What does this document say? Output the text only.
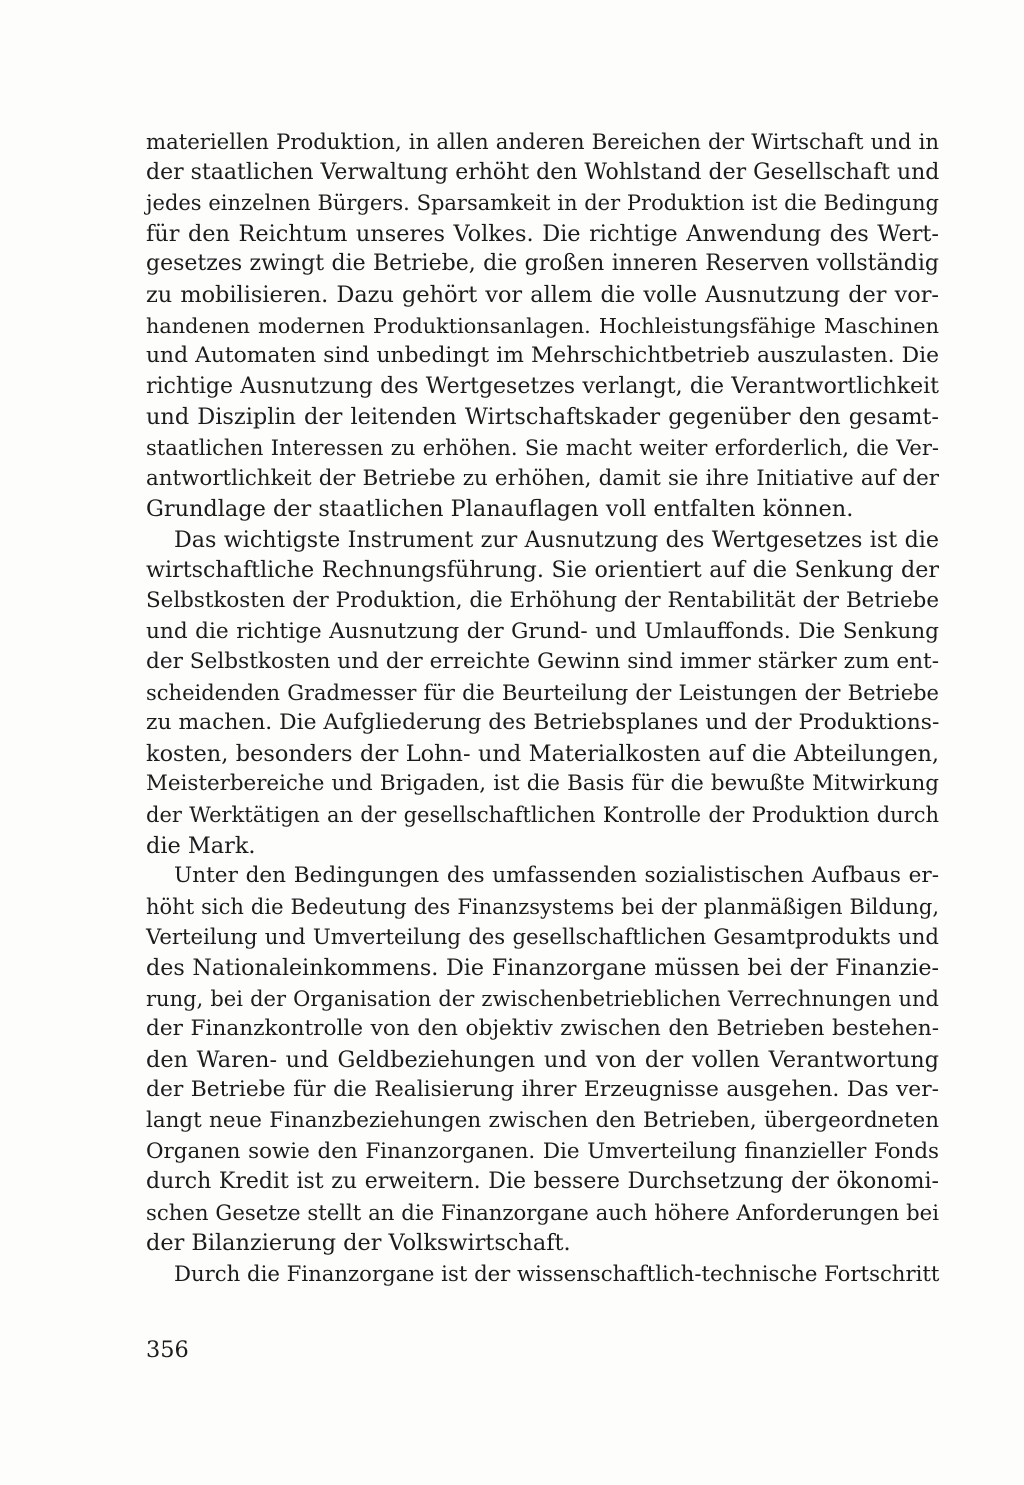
materiellen Produktion, in allen anderen Bereichen der Wirtschaft und in
der staatlichen Verwaltung erhöht den Wohlstand der Gesellschaft und
jedes einzelnen Bürgers. Sparsamkeit in der Produktion ist die Bedingung
für den Reichtum unseres Volkes. Die richtige Anwendung des Wert-
gesetzes zwingt die Betriebe, die großen inneren Reserven vollständig
zu mobilisieren. Dazu gehört vor allem die volle Ausnutzung der vor-
handenen modernen Produktionsanlagen. Hochleistungsfähige Maschinen
und Automaten sind unbedingt im Mehrschichtbetrieb auszulasten. Die
richtige Ausnutzung des Wertgesetzes verlangt, die Verantwortlichkeit
und Disziplin der leitenden Wirtschaftskader gegenüber den gesamt-
staatlichen Interessen zu erhöhen. Sie macht weiter erforderlich, die Ver-
antwortlichkeit der Betriebe zu erhöhen, damit sie ihre Initiative auf der
Grundlage der staatlichen Planauflagen voll entfalten können.
Das wichtigste Instrument zur Ausnutzung des Wertgesetzes ist die
wirtschaftliche Rechnungsführung. Sie orientiert auf die Senkung der
Selbstkosten der Produktion, die Erhöhung der Rentabilität der Betriebe
und die richtige Ausnutzung der Grund- und Umlauffonds. Die Senkung
der Selbstkosten und der erreichte Gewinn sind immer stärker zum ent-
scheidenden Gradmesser für die Beurteilung der Leistungen der Betriebe
zu machen. Die Aufgliederung des Betriebsplanes und der Produktions-
kosten, besonders der Lohn- und Materialkosten auf die Abteilungen,
Meisterbereiche und Brigaden, ist die Basis für die bewußte Mitwirkung
der Werktätigen an der gesellschaftlichen Kontrolle der Produktion durch
die Mark.
Unter den Bedingungen des umfassenden sozialistischen Aufbaus er-
höht sich die Bedeutung des Finanzsystems bei der planmäßigen Bildung,
Verteilung und Umverteilung des gesellschaftlichen Gesamtprodukts und
des Nationaleinkommens. Die Finanzorgane müssen bei der Finanzie-
rung, bei der Organisation der zwischenbetrieblichen Verrechnungen und
der Finanzkontrolle von den objektiv zwischen den Betrieben bestehen-
den Waren- und Geldbeziehungen und von der vollen Verantwortung
der Betriebe für die Realisierung ihrer Erzeugnisse ausgehen. Das ver-
langt neue Finanzbeziehungen zwischen den Betrieben, übergeordneten
Organen sowie den Finanzorganen. Die Umverteilung finanzieller Fonds
durch Kredit ist zu erweitern. Die bessere Durchsetzung der ökonomi-
schen Gesetze stellt an die Finanzorgane auch höhere Anforderungen bei
der Bilanzierung der Volkswirtschaft.
Durch die Finanzorgane ist der wissenschaftlich-technische Fortschritt
356
